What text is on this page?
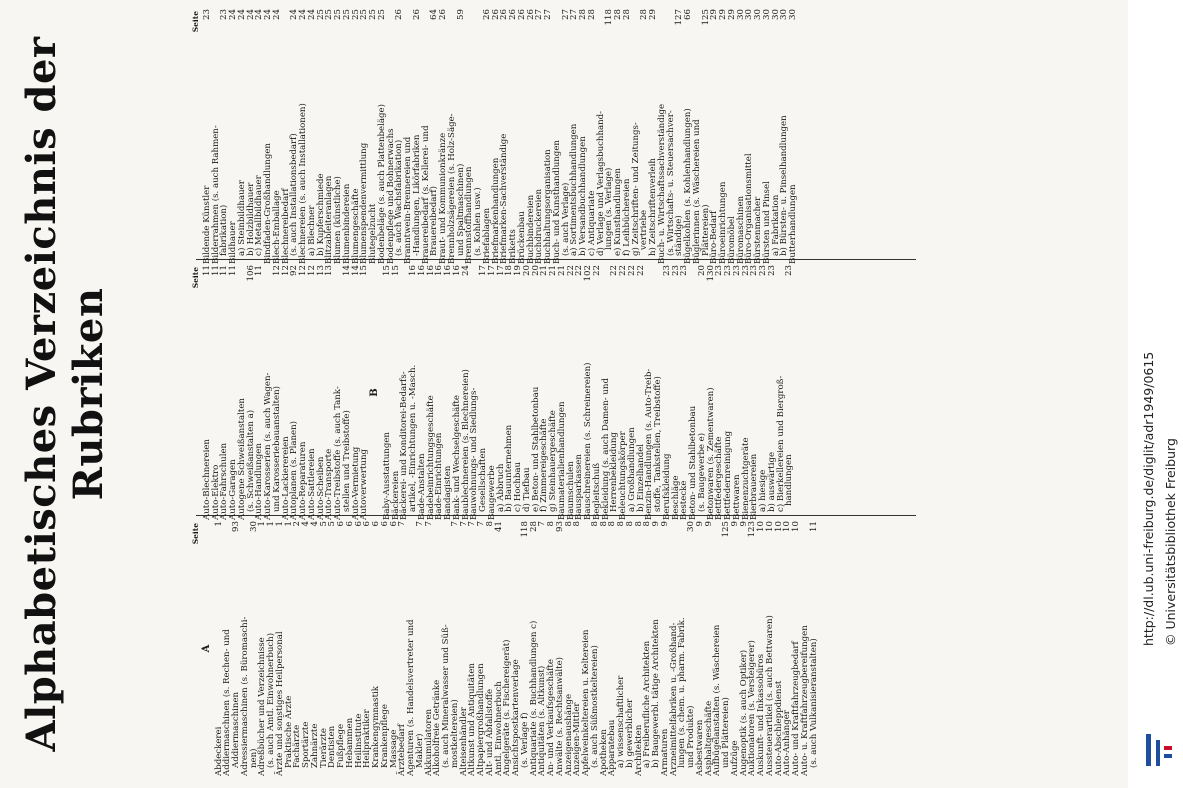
Alphabetisches Verzeichnis der Rubriken
Seite
A
Abdeckerei
1
Addiermaschinen (s. Rechen- und
Addiermaschinen
93
Adressiermaschinen (s. Büromaschi-
nen)
30
Adreßbücher und Verzeichnisse
1
(s. auch Amtl. Einwohnerbuch)
1
Ärzte und sonstiges Heilpersonal
1
Praktische Ärzte
1
Fachärzte
2
Sportärzte
4
Zahnärzte
4
Tierärzte
5
Dentisten
5
Fußpflege
6
Hebammen
6
Heilinstitute
6
Heilpraktiker
6
Krankengymnastik
6
Krankenpflege
6
Massage
6
Ärztebedarf
7
Agenturen (s. Handelsvertreter und
Makler)
7
Akkumulatoren
7
Alkoholfreie Getränke
(s. auch Mineralwasser und Süß-
mostkeltereien)
7
Alteisenhändler
7
Altkunst und Antiquitäten
7
Altpapiergroßhandlungen
7
Alt- und Abfallstoffe
8
Amtl. Einwohnerbuch
41
Angelgeräte (s. Fischereigerät)
Ansichtspostkartenverlage
(s. Verlage f)
118
Antiquariate (s. Buchhandlungen c)
28
Antiquitäten (s. Altkunst)
7
An- und Verkaufsgeschäfte
8
Anwälte (s. Rechtsanwälte)
93
Anzeigenaushänge
8
Anzeigen-Mittler
8
Apfelweinkeltereien u. Keltereien
(s. auch Süßmostkeltereien)
8
Apotheken
8
Apparatebau
8
a) wissenschaftlicher
8
b) gewerblicher
8
Architekten
8
a) Freiberufliche Architekten
8
b) Baugewerbl. tätige Architekten
9
Armaturen
9
Arzneimittelfabriken u. -Großhand-
lungen (s. chem. u. pharm. Fabrik.
und Produkte)
30
Asbestwaren
9
Asphaltgeschäfte
9
Aufbügelanstalten (s. Wäschereien
und Plättereien)
125
Aufzüge
9
Augenoptik (s. auch Optiker)
9
Auktionatoren (s. Versteigerer)
123
Auskunft- und Inkassobüros
10
Aussteuerartikel (s. auch Bettwaren)
10
Auto-Abschleppdienst
10
Auto-Anhänger
10
Auto- und Kraftfahrzeugbedarf
10
Auto- u. Kraftfahrzeugbereifungen
(s. auch Vulkanisieranstalten)
11
Seite
Auto-Blechnereien
11
Auto-Elektro
11
Auto-Fahrschulen
11
Auto-Garagen
11
Autogene Schweißanstalten
(s. Schweißanstalten a)
106
Auto-Handlungen
11
Auto-Karosserien (s. auch Wagen-
und Karosseriebauanstalten)
12
Auto-Lackierereien
12
Autoplanen (s. Planen)
92
Auto-Reparaturen
12
Auto-Sattlereien
12
Auto-Scheiben
13
Auto-Transporte
13
Auto-Treibstoffe (s. auch Tank-
stellen und Treibstoffe)
14
Auto-Vermietung
14
Autoverwertung
15
B
Baby-Ausstattungen
15
Bäckereien
15
Bäckerei- und Konditorei-Bedarfs-
artikel, -Einrichtungen u. -Masch.
16
Bade-Anstalten
16
Badebeinrichtungsgeschäfte
16
Bade-Einrichtungen
16
Bandagisten
16
Bank- und Wechselgeschäfte
16
Baublechnereien (s. Blechnereien)
24
Bauwohnungs- und Siedlungs-
Gesellschaften
17
Baugewerbe
17
a) Abbruch
17
b) Bauunternehmen
18
c) Hochbau
19
d) Tiefbau
20
e) Beton- und Stahlbetonbau
20
f) Zimmereigeschäfte
21
g) Steinhauergeschäfte
21
Baumaterialienhandlungen
21
Baumschulen
22
Bausparkassen
22
Bauschreinereien (s. Schreinereien)
102
Begleitschuß
22
Bekleidung (s. auch Damen- und
Herrenbekleidung
22
Beleuchtungskörper
22
a) Großhandlungen
22
b) Einzelhandel
22
Benzin-Handlungen (s. Auto-Treib-
stoffe, Tankstellen, Treibstoffe)
Berufskleidung
23
Beschläge
23
Bestecke
23
Beton- und Stahlbetonbau
(s. Baugewerbe e)
20
Betonwaren (s. Zementwaren)
130
Bettfedergeschäfte
23
Bettfedernreinigung
23
Bettwaren
23
Bienenzuchtgeräte
23
Bierbrauereien
23
a) hiesige
23
b) auswärtige
23
c) Bierkellereien und Biergroß-
handlungen
23
Seite
Bildende Künstler
23
Bilderrahmen (s. auch Rahmen-
fabrikation)
23
Bildhauer
24
a) Steinbildhauer
24
b) Holzbildhauer
24
c) Metallbildhauer
24
Bindfaden-Großhandlungen
24
Blech-Emballage
24
Blechnereibedarf
(s. auch Installationsbedarf)
24
Blechnereien (s. auch Installationen)
24
a) Blechner
24
b) Kupferschmiede
25
Blitzableiteranlagen
25
Blumen (künstliche)
25
Blumenbindereien
25
Blumengeschäfte
25
Blumenspendenvermittlung
25
Blutegelzucht
25
Bodenbeläge (s. auch Plattenbeläge)
25
Bodenpflege und Bohnerwachs
(s. auch Wachsfabrikation)
26
Branntwein-Brennereien und
-Handlungen, Likörfabriken
26
Brauereibedarf (s. Kellerei- und
Brauereibedarf)
64
Braut- und Kommunionkränze
26
Brennholzsägereien (s. Holz-Säge-
und Spaltmaschinen)
59
Brennstoffhandlungen
(s. Kohlen usw.)
Briefablagen
26
Briefmarkenhandlungen
26
Briefmarken-Sachverständige
26
Briketts
26
Brückenbau
26
Buchbindereien
26
Buchdruckereien
27
Buchhaltungsorganisation
27
Buch- und Kunsthandlungen
(s. auch Verlage)
27
a) Sortimentsbuchhandlungen
27
b) Versandbuchhandlungen
28
c) Antiquariate
28
d) Verlage und Verlagsbuchhand-
lungen (s. Verlage)
118
e) Kunsthandlungen
28
f) Leihbüchereien
28
g) Zeitschriften- und Zeitungs-
vertriebe
28
h) Zeitschriftenverleih
29
Buch- u. Wirtschaftssachverständige
(s. Wirtschafts- u. Steuersachver-
ständige)
127
Bügelkohlen (s. Kohlenhandlungen)
66
Büglerinnen (s. Wäschereien und
Plättereien)
125
Büro-Bedarf
29
Büroeinrichtungen
29
Büromöbel
29
Büromaschinen
30
Büro-Organisationsmittel
30
Bürstenmacher
30
Bürsten und Pinsel
30
a) Fabrikation
30
b) Bürsten- u. Pinselhandlungen
30
Butterhandlungen
30
http://dl.ub.uni-freiburg.de/diglit/adr1949/0615 © Universitätsbibliothek Freiburg
